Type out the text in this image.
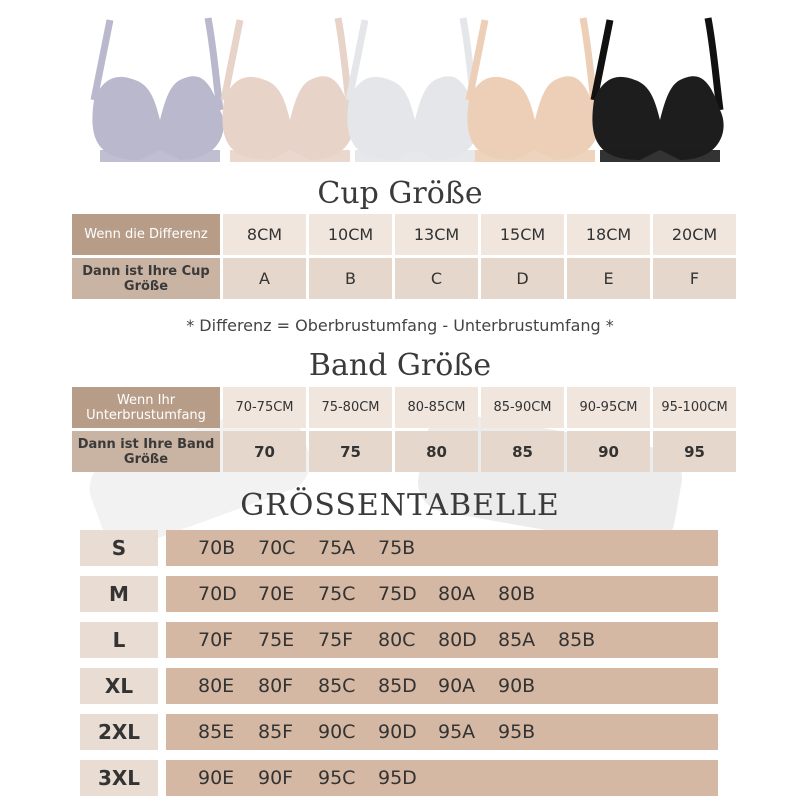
Cup Größe
Wenn die Differenz	8CM	10CM	13CM	15CM	18CM	20CM
Dann ist Ihre Cup Größe	A	B	C	D	E	F
* Differenz = Oberbrustumfang - Unterbrustumfang *
Band Größe
Wenn Ihr Unterbrustumfang	70-75CM	75-80CM	80-85CM	85-90CM	90-95CM	95-100CM
Dann ist Ihre Band Größe	70	75	80	85	90	95
GRÖSSENTABELLE
S	70B	70C	75A	75B
M	70D	70E	75C	75D	80A	80B
L	70F	75E	75F	80C	80D	85A	85B
XL	80E	80F	85C	85D	90A	90B
2XL	85E	85F	90C	90D	95A	95B
3XL	90E	90F	95C	95D
